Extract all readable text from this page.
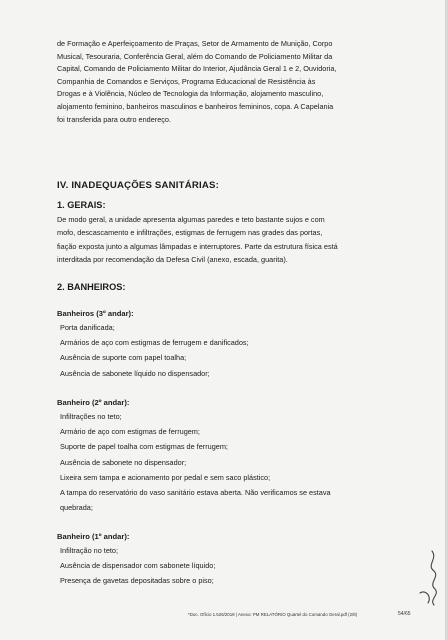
de Formação e Aperfeiçoamento de Praças, Setor de Armamento de Munição, Corpo
Musical, Tesouraria, Conferência Geral, além do Comando de Policiamento Militar da
Capital, Comando de Policiamento Militar do Interior, Ajudância Geral 1 e 2, Ouvidoria,
Companhia de Comandos e Serviços, Programa Educacional de Resistência às
Drogas e à Violência, Núcleo de Tecnologia da Informação, alojamento masculino,
alojamento feminino, banheiros masculinos e banheiros femininos, copa. A Capelania
foi transferida para outro endereço.
IV. INADEQUAÇÕES SANITÁRIAS:
1. GERAIS:
De modo geral, a unidade apresenta algumas paredes e teto bastante sujos e com
mofo, descascamento e infiltrações, estigmas de ferrugem nas grades das portas,
fiação exposta junto a algumas lâmpadas e interruptores. Parte da estrutura física está
interditada por recomendação da Defesa Civil (anexo, escada, guarita).
2. BANHEIROS:
Banheiros (3º andar):
Porta danificada;
Armários de aço com estigmas de ferrugem e danificados;
Ausência de suporte com papel toalha;
Ausência de sabonete líquido no dispensador;
Banheiro (2º andar):
Infiltrações no teto;
Armário de aço com estigmas de ferrugem;
Suporte de papel toalha com estigmas de ferrugem;
Ausência de sabonete no dispensador;
Lixeira sem tampa e acionamento por pedal e sem saco plástico;
A tampa do reservatório do vaso sanitário estava aberta. Não verificamos se estava
quebrada;
Banheiro (1º andar):
Infiltração no teto;
Ausência de dispensador com sabonete líquido;
Presença de gavetas depositadas sobre o piso;
*Doc. Ofício 1.526/2019 | Anexo: PM RELATÓRIO Quartel do Comando Geral.pdf (2/8)	54/65
